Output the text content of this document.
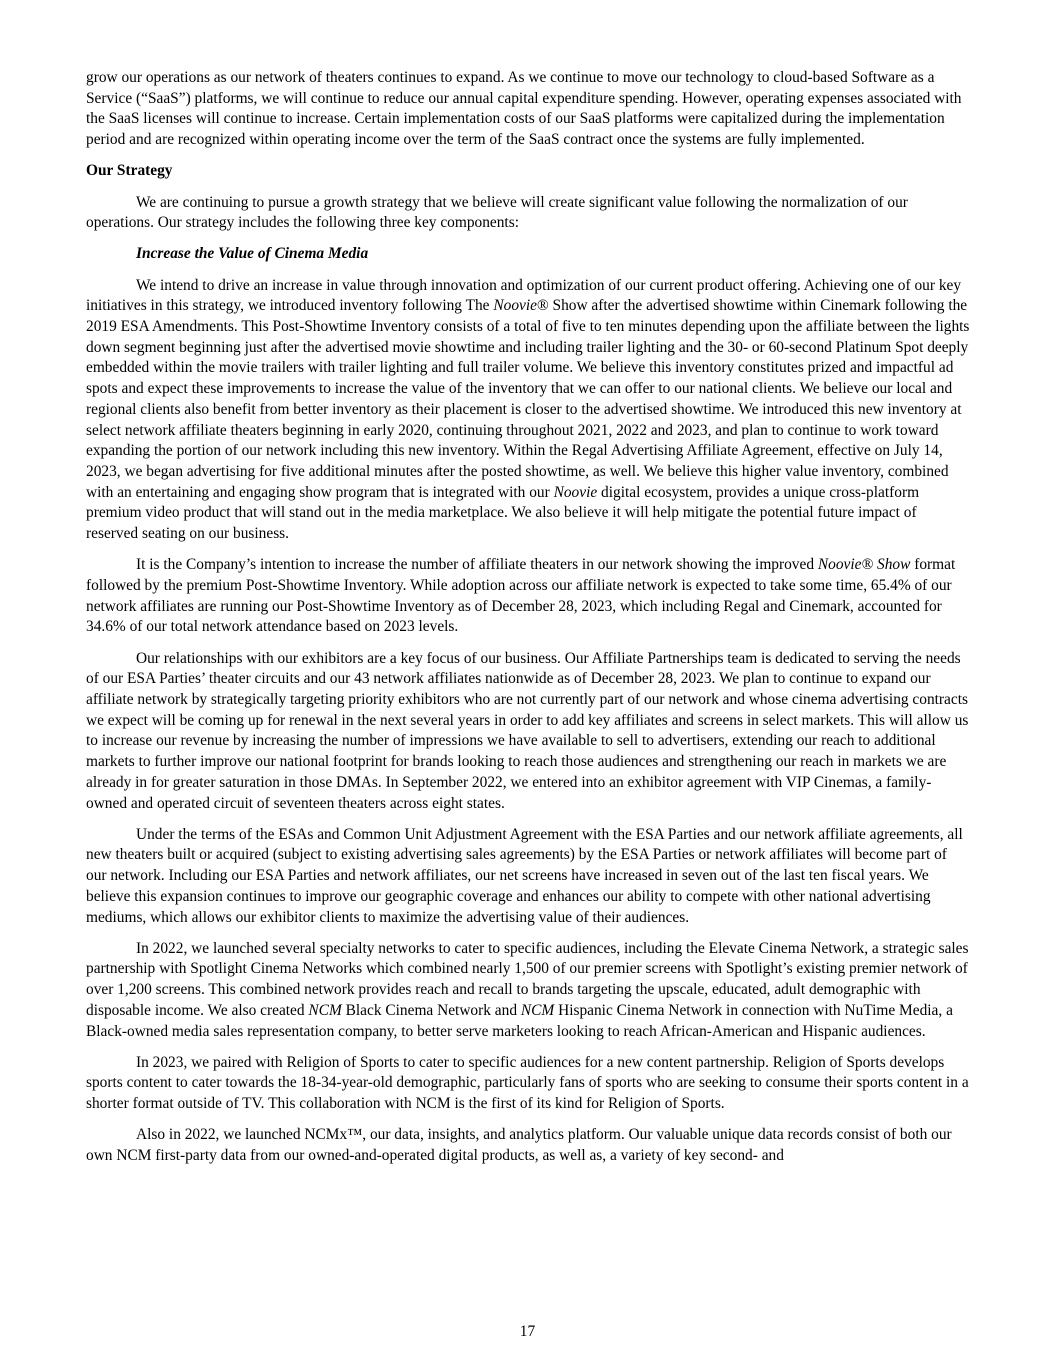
grow our operations as our network of theaters continues to expand. As we continue to move our technology to cloud-based Software as a Service (“SaaS”) platforms, we will continue to reduce our annual capital expenditure spending. However, operating expenses associated with the SaaS licenses will continue to increase. Certain implementation costs of our SaaS platforms were capitalized during the implementation period and are recognized within operating income over the term of the SaaS contract once the systems are fully implemented.

Our Strategy

We are continuing to pursue a growth strategy that we believe will create significant value following the normalization of our operations. Our strategy includes the following three key components:

Increase the Value of Cinema Media

We intend to drive an increase in value through innovation and optimization of our current product offering. Achieving one of our key initiatives in this strategy, we introduced inventory following The Noovie® Show after the advertised showtime within Cinemark following the 2019 ESA Amendments. This Post-Showtime Inventory consists of a total of five to ten minutes depending upon the affiliate between the lights down segment beginning just after the advertised movie showtime and including trailer lighting and the 30- or 60-second Platinum Spot deeply embedded within the movie trailers with trailer lighting and full trailer volume. We believe this inventory constitutes prized and impactful ad spots and expect these improvements to increase the value of the inventory that we can offer to our national clients. We believe our local and regional clients also benefit from better inventory as their placement is closer to the advertised showtime. We introduced this new inventory at select network affiliate theaters beginning in early 2020, continuing throughout 2021, 2022 and 2023, and plan to continue to work toward expanding the portion of our network including this new inventory. Within the Regal Advertising Affiliate Agreement, effective on July 14, 2023, we began advertising for five additional minutes after the posted showtime, as well. We believe this higher value inventory, combined with an entertaining and engaging show program that is integrated with our Noovie digital ecosystem, provides a unique cross-platform premium video product that will stand out in the media marketplace. We also believe it will help mitigate the potential future impact of reserved seating on our business.

It is the Company’s intention to increase the number of affiliate theaters in our network showing the improved Noovie® Show format followed by the premium Post-Showtime Inventory. While adoption across our affiliate network is expected to take some time, 65.4% of our network affiliates are running our Post-Showtime Inventory as of December 28, 2023, which including Regal and Cinemark, accounted for 34.6% of our total network attendance based on 2023 levels.

Our relationships with our exhibitors are a key focus of our business. Our Affiliate Partnerships team is dedicated to serving the needs of our ESA Parties’ theater circuits and our 43 network affiliates nationwide as of December 28, 2023. We plan to continue to expand our affiliate network by strategically targeting priority exhibitors who are not currently part of our network and whose cinema advertising contracts we expect will be coming up for renewal in the next several years in order to add key affiliates and screens in select markets. This will allow us to increase our revenue by increasing the number of impressions we have available to sell to advertisers, extending our reach to additional markets to further improve our national footprint for brands looking to reach those audiences and strengthening our reach in markets we are already in for greater saturation in those DMAs. In September 2022, we entered into an exhibitor agreement with VIP Cinemas, a family-owned and operated circuit of seventeen theaters across eight states.

Under the terms of the ESAs and Common Unit Adjustment Agreement with the ESA Parties and our network affiliate agreements, all new theaters built or acquired (subject to existing advertising sales agreements) by the ESA Parties or network affiliates will become part of our network. Including our ESA Parties and network affiliates, our net screens have increased in seven out of the last ten fiscal years. We believe this expansion continues to improve our geographic coverage and enhances our ability to compete with other national advertising mediums, which allows our exhibitor clients to maximize the advertising value of their audiences.

In 2022, we launched several specialty networks to cater to specific audiences, including the Elevate Cinema Network, a strategic sales partnership with Spotlight Cinema Networks which combined nearly 1,500 of our premier screens with Spotlight’s existing premier network of over 1,200 screens. This combined network provides reach and recall to brands targeting the upscale, educated, adult demographic with disposable income. We also created NCM Black Cinema Network and NCM Hispanic Cinema Network in connection with NuTime Media, a Black-owned media sales representation company, to better serve marketers looking to reach African-American and Hispanic audiences.

In 2023, we paired with Religion of Sports to cater to specific audiences for a new content partnership. Religion of Sports develops sports content to cater towards the 18-34-year-old demographic, particularly fans of sports who are seeking to consume their sports content in a shorter format outside of TV. This collaboration with NCM is the first of its kind for Religion of Sports.

Also in 2022, we launched NCMx™, our data, insights, and analytics platform. Our valuable unique data records consist of both our own NCM first-party data from our owned-and-operated digital products, as well as, a variety of key second- and

17
